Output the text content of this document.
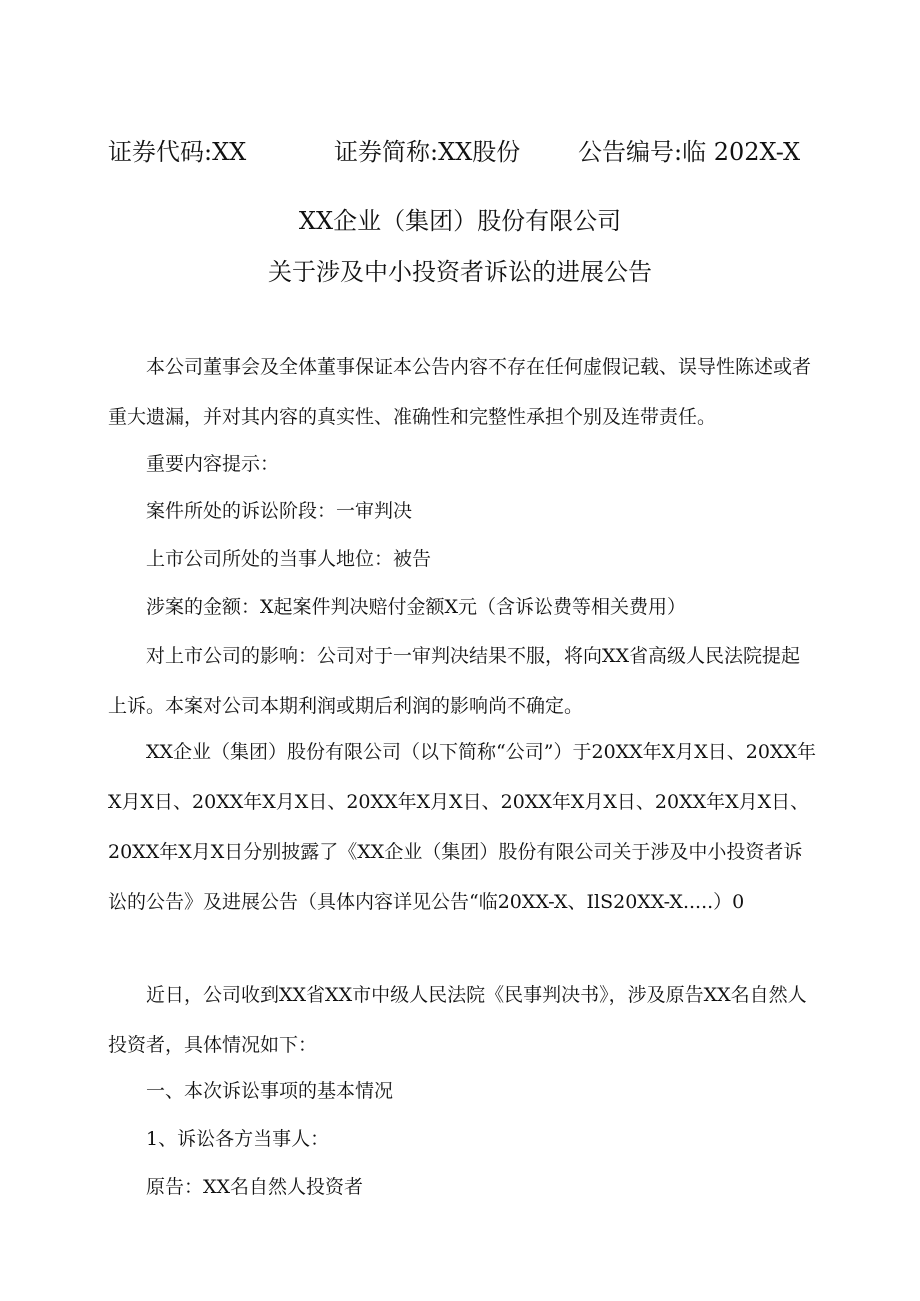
证券代码:XX	证券简称:XX股份 公告编号:临 202X-X
XX企业（集团）股份有限公司
关于涉及中小投资者诉讼的进展公告
本公司董事会及全体董事保证本公告内容不存在任何虚假记载、误导性陈述或者重大遗漏，并对其内容的真实性、准确性和完整性承担个别及连带责任。
重要内容提示：
案件所处的诉讼阶段：一审判决
上市公司所处的当事人地位：被告
涉案的金额：X起案件判决赔付金额X元（含诉讼费等相关费用）
对上市公司的影响：公司对于一审判决结果不服，将向XX省高级人民法院提起上诉。本案对公司本期利润或期后利润的影响尚不确定。
XX企业（集团）股份有限公司（以下简称“公司”）于20XX年X月X日、20XX年X月X日、20XX年X月X日、20XX年X月X日、20XX年X月X日、20XX年X月X日、20XX年X月X日分别披露了《XX企业（集团）股份有限公司关于涉及中小投资者诉讼的公告》及进展公告（具体内容详见公告“临20XX-X、IlS20XX-X.....）0
近日，公司收到XX省XX市中级人民法院《民事判决书》，涉及原告XX名自然人投资者，具体情况如下：
一、本次诉讼事项的基本情况
1、诉讼各方当事人：
原告：XX名自然人投资者
